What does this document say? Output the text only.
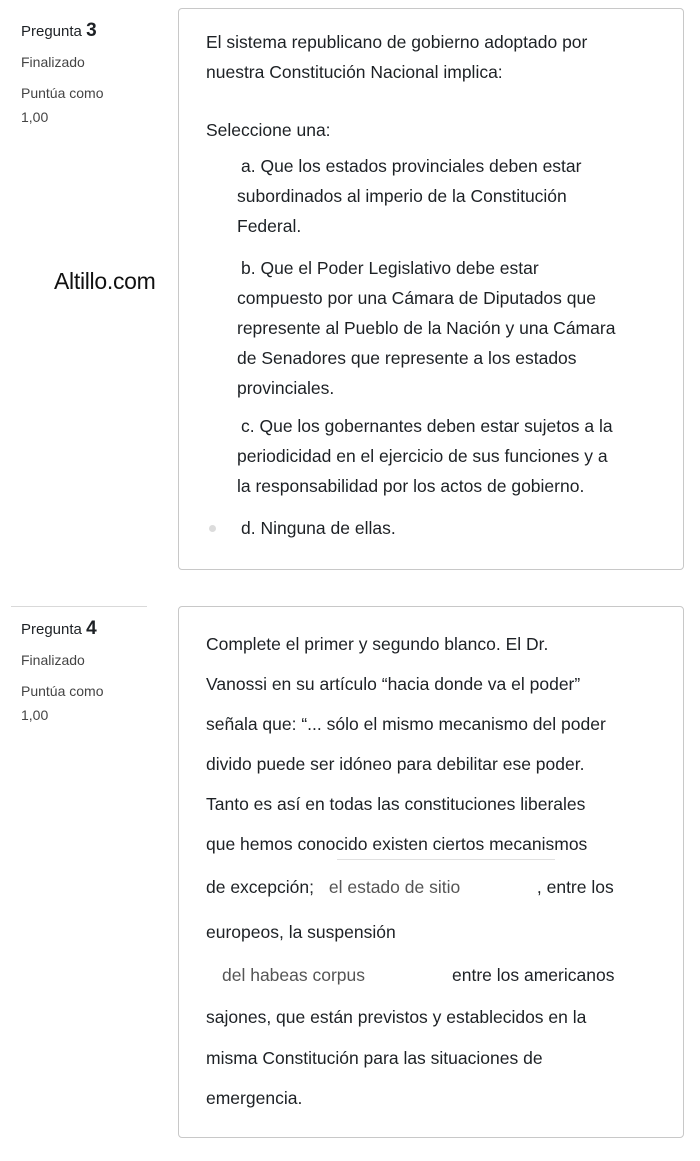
Pregunta 3
Finalizado
Puntúa como
1,00
Altillo.com
El sistema republicano de gobierno adoptado por
nuestra Constitución Nacional implica:
Seleccione una:
a. Que los estados provinciales deben estar
subordinados al imperio de la Constitución
Federal.
b. Que el Poder Legislativo debe estar
compuesto por una Cámara de Diputados que
represente al Pueblo de la Nación y una Cámara
de Senadores que represente a los estados
provinciales.
c. Que los gobernantes deben estar sujetos a la
periodicidad en el ejercicio de sus funciones y a
la responsabilidad por los actos de gobierno.
d. Ninguna de ellas.
Pregunta 4
Finalizado
Puntúa como
1,00
Complete el primer y segundo blanco. El Dr.
Vanossi en su artículo “hacia donde va el poder”
señala que: “... sólo el mismo mecanismo del poder
divido puede ser idóneo para debilitar ese poder.
Tanto es así en todas las constituciones liberales
que hemos conocido existen ciertos mecanismos
de excepción; el estado de sitio	, entre los
europeos, la suspensión
del habeas corpus	entre los americanos
sajones, que están previstos y establecidos en la
misma Constitución para las situaciones de
emergencia.
